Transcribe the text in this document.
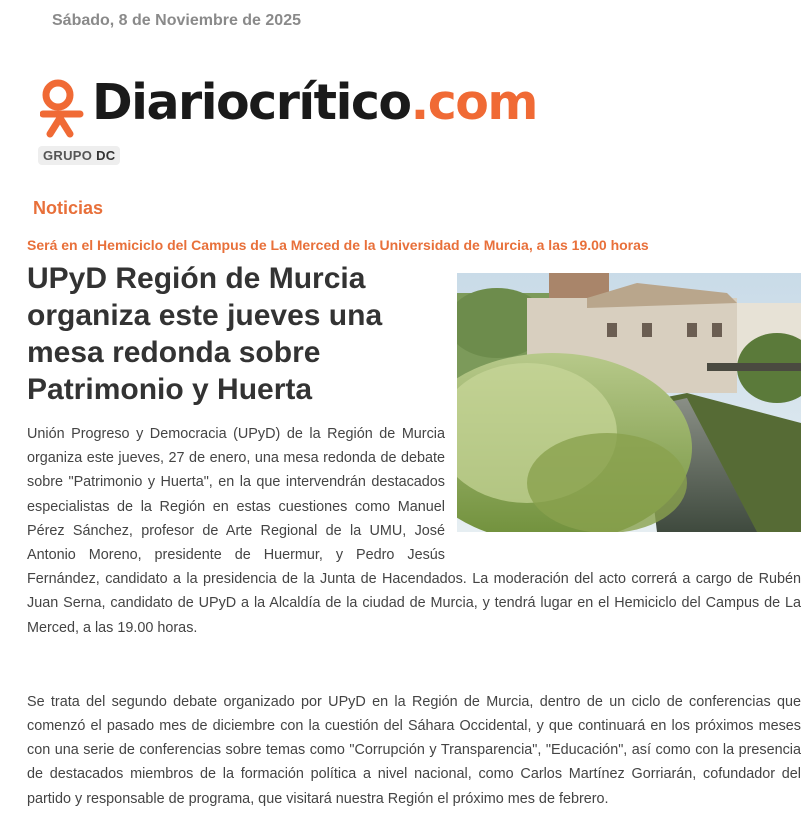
Sábado, 8 de Noviembre de 2025
Diariocrítico.com
GRUPO DC
Noticias
Será en el Hemiciclo del Campus de La Merced de la Universidad de Murcia, a las 19.00 horas
UPyD Región de Murcia organiza este jueves una mesa redonda sobre Patrimonio y Huerta

Unión Progreso y Democracia (UPyD) de la Región de Murcia organiza este jueves, 27 de enero, una mesa redonda de debate sobre "Patrimonio y Huerta", en la que intervendrán destacados especialistas de la Región en estas cuestiones como Manuel Pérez Sánchez, profesor de Arte Regional de la UMU, José Antonio Moreno, presidente de Huermur, y Pedro Jesús Fernández, candidato a la presidencia de la Junta de Hacendados. La moderación del acto correrá a cargo de Rubén Juan Serna, candidato de UPyD a la Alcaldía de la ciudad de Murcia, y tendrá lugar en el Hemiciclo del Campus de La Merced, a las 19.00 horas.

Se trata del segundo debate organizado por UPyD en la Región de Murcia, dentro de un ciclo de conferencias que comenzó el pasado mes de diciembre con la cuestión del Sáhara Occidental, y que continuará en los próximos meses con una serie de conferencias sobre temas como "Corrupción y Transparencia", "Educación", así como con la presencia de destacados miembros de la formación política a nivel nacional, como Carlos Martínez Gorriarán, cofundador del partido y responsable de programa, que visitará nuestra Región el próximo mes de febrero.
